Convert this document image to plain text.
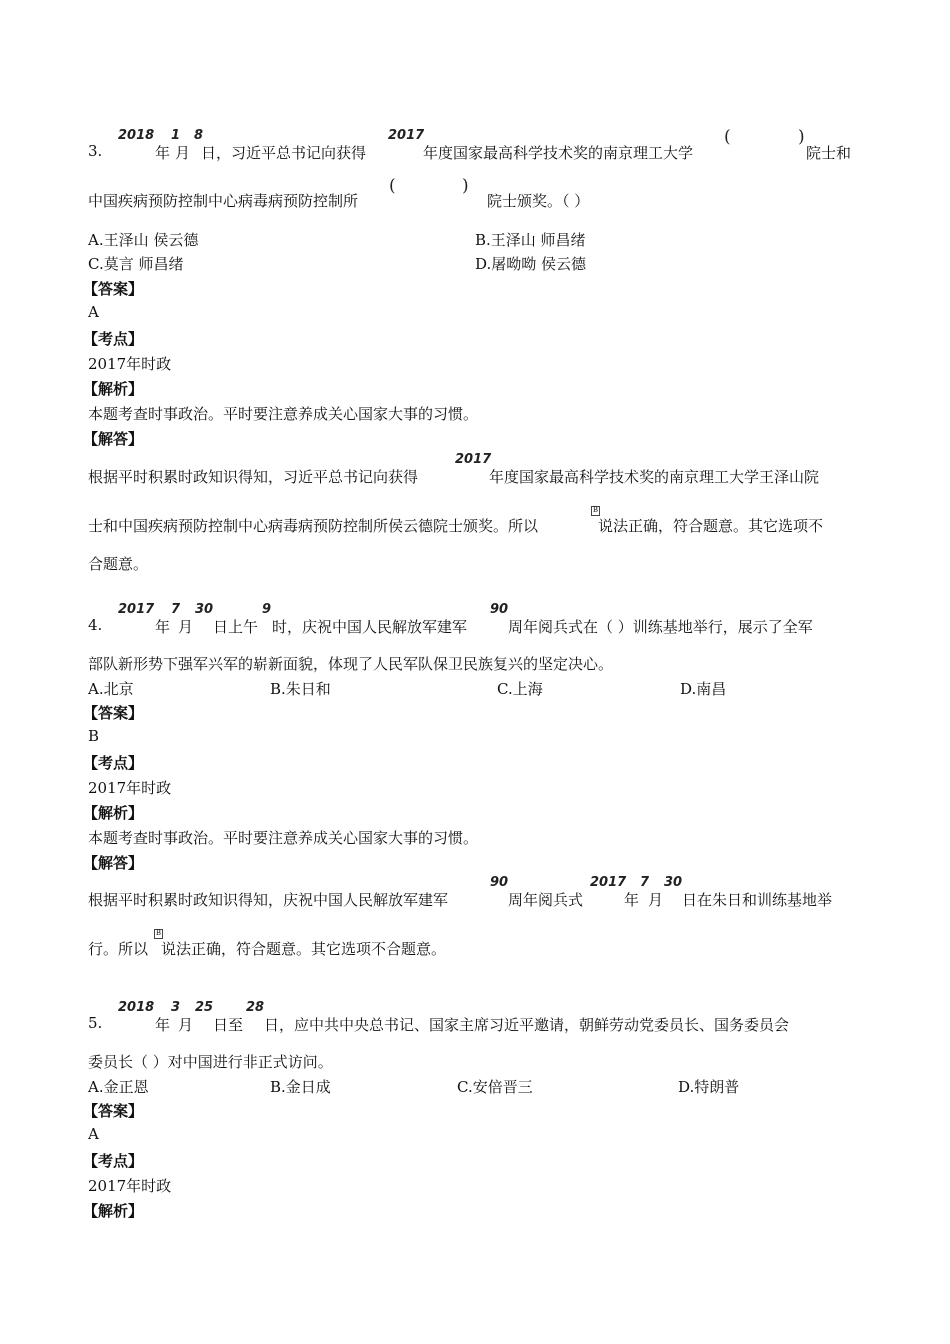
3.
2018
年
1
月
8
日，习近平总书记向获得
2017
年度国家最高科学技术奖的南京理工大学
(	)
院士和
中国疾病预防控制中心病毒病预防控制所
(	)
院士颁奖。（ ）
A.王泽山 侯云德	B.王泽山 师昌绪
C.莫言 师昌绪	D.屠呦呦 侯云德
【答案】
A
【考点】
2017年时政
【解析】
本题考查时事政治。平时要注意养成关心国家大事的习惯。
【解答】
根据平时积累时政知识得知，习近平总书记向获得
2017
年度国家最高科学技术奖的南京理工大学王泽山院
士和中国疾病预防控制中心病毒病预防控制所侯云德院士颁奖。所以
B
说法正确，符合题意。其它选项不
合题意。
4.
2017
年
7
月
30
日上午
9
时，庆祝中国人民解放军建军
90
周年阅兵式在（ ）训练基地举行，展示了全军
部队新形势下强军兴军的崭新面貌，体现了人民军队保卫民族复兴的坚定决心。
A.北京	B.朱日和	C.上海	D.南昌
【答案】
B
【考点】
2017年时政
【解析】
本题考查时事政治。平时要注意养成关心国家大事的习惯。
【解答】
根据平时积累时政知识得知，庆祝中国人民解放军建军
90
周年阅兵式
2017
年
7
月
30
日在朱日和训练基地举
行。所以
B
说法正确，符合题意。其它选项不合题意。
5.
2018
年
3
月
25
日至
28
日，应中共中央总书记、国家主席习近平邀请，朝鲜劳动党委员长、国务委员会
委员长（ ）对中国进行非正式访问。
A.金正恩	B.金日成	C.安倍晋三	D.特朗普
【答案】
A
【考点】
2017年时政
【解析】
